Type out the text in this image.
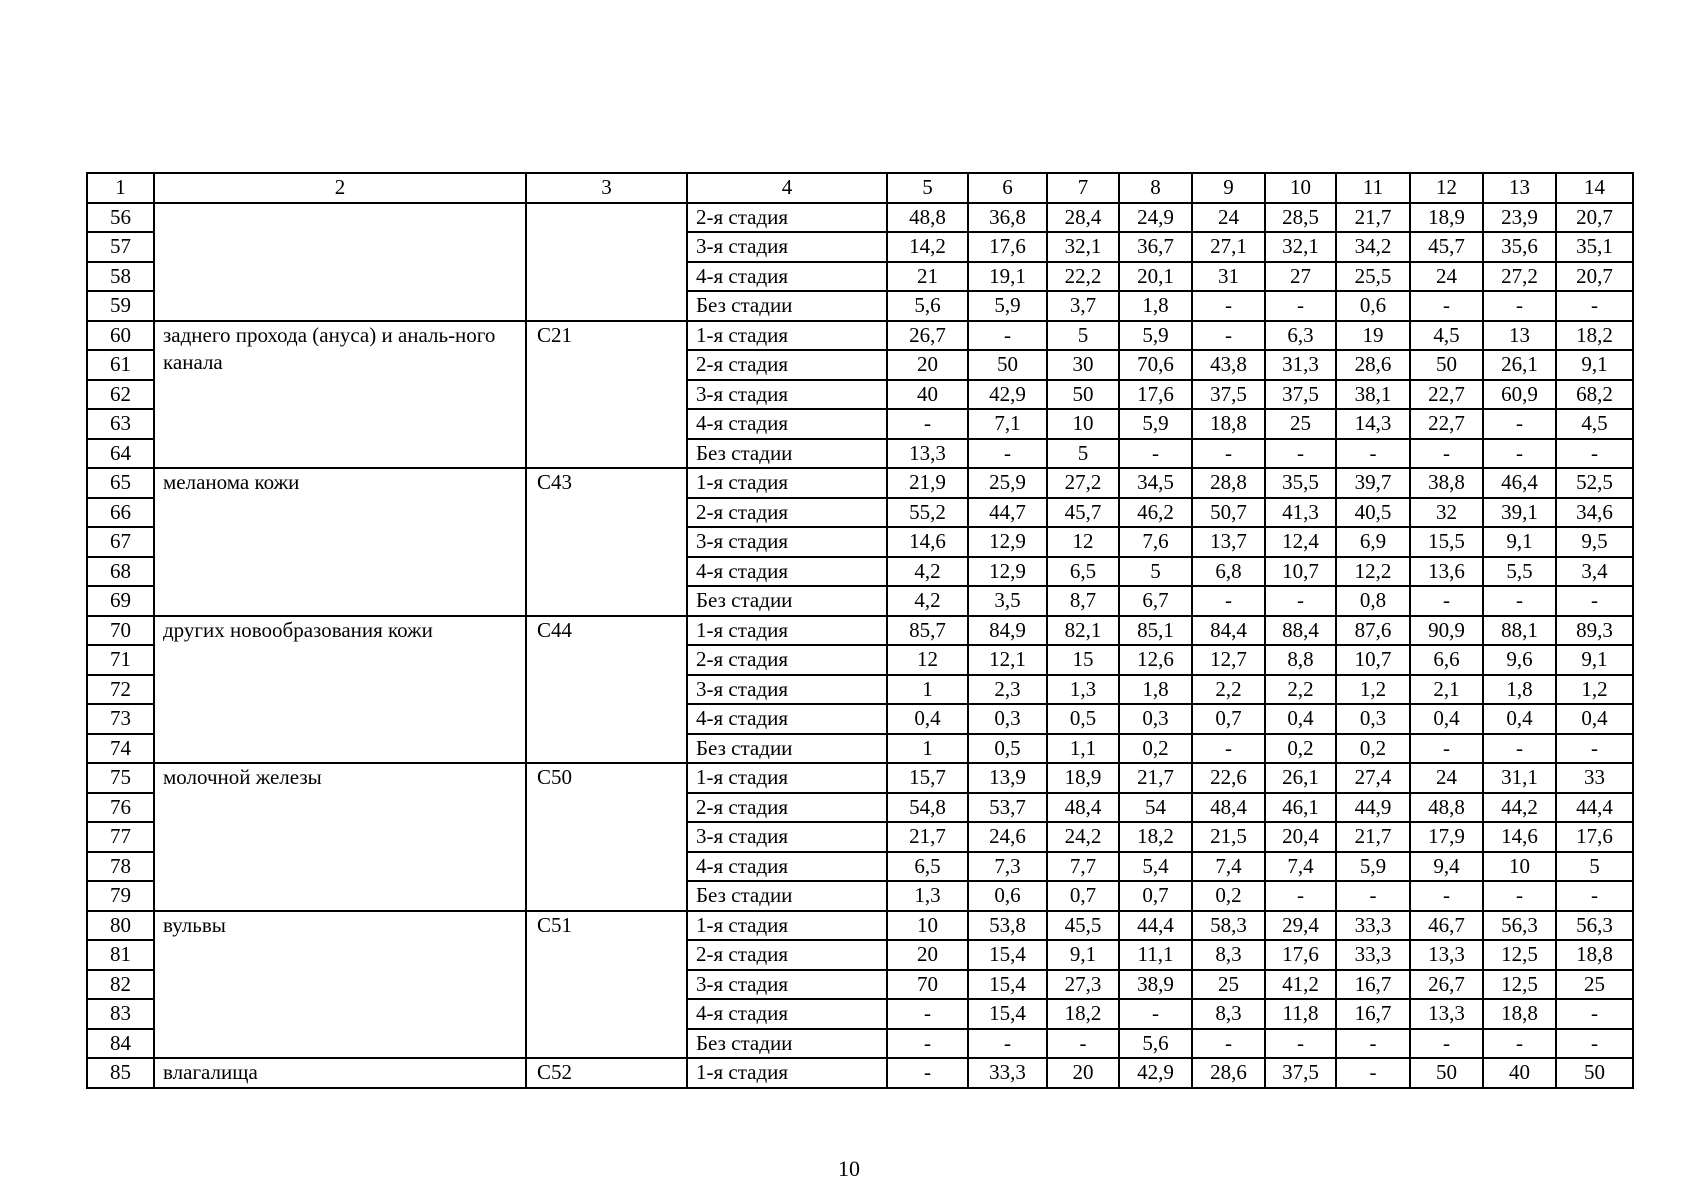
1	2	3	4	5	6	7	8	9	10	11	12	13	14
56			2-я стадия	48,8	36,8	28,4	24,9	24	28,5	21,7	18,9	23,9	20,7
57			3-я стадия	14,2	17,6	32,1	36,7	27,1	32,1	34,2	45,7	35,6	35,1
58			4-я стадия	21	19,1	22,2	20,1	31	27	25,5	24	27,2	20,7
59			Без стадии	5,6	5,9	3,7	1,8	-	-	0,6	-	-	-
60	заднего прохода (ануса) и аналь-ного канала	C21	1-я стадия	26,7	-	5	5,9	-	6,3	19	4,5	13	18,2
61			2-я стадия	20	50	30	70,6	43,8	31,3	28,6	50	26,1	9,1
62			3-я стадия	40	42,9	50	17,6	37,5	37,5	38,1	22,7	60,9	68,2
63			4-я стадия	-	7,1	10	5,9	18,8	25	14,3	22,7	-	4,5
64			Без стадии	13,3	-	5	-	-	-	-	-	-	-
65	меланома кожи	C43	1-я стадия	21,9	25,9	27,2	34,5	28,8	35,5	39,7	38,8	46,4	52,5
66			2-я стадия	55,2	44,7	45,7	46,2	50,7	41,3	40,5	32	39,1	34,6
67			3-я стадия	14,6	12,9	12	7,6	13,7	12,4	6,9	15,5	9,1	9,5
68			4-я стадия	4,2	12,9	6,5	5	6,8	10,7	12,2	13,6	5,5	3,4
69			Без стадии	4,2	3,5	8,7	6,7	-	-	0,8	-	-	-
70	других новообразования кожи	C44	1-я стадия	85,7	84,9	82,1	85,1	84,4	88,4	87,6	90,9	88,1	89,3
71			2-я стадия	12	12,1	15	12,6	12,7	8,8	10,7	6,6	9,6	9,1
72			3-я стадия	1	2,3	1,3	1,8	2,2	2,2	1,2	2,1	1,8	1,2
73			4-я стадия	0,4	0,3	0,5	0,3	0,7	0,4	0,3	0,4	0,4	0,4
74			Без стадии	1	0,5	1,1	0,2	-	0,2	0,2	-	-	-
75	молочной железы	C50	1-я стадия	15,7	13,9	18,9	21,7	22,6	26,1	27,4	24	31,1	33
76			2-я стадия	54,8	53,7	48,4	54	48,4	46,1	44,9	48,8	44,2	44,4
77			3-я стадия	21,7	24,6	24,2	18,2	21,5	20,4	21,7	17,9	14,6	17,6
78			4-я стадия	6,5	7,3	7,7	5,4	7,4	7,4	5,9	9,4	10	5
79			Без стадии	1,3	0,6	0,7	0,7	0,2	-	-	-	-	-
80	вульвы	C51	1-я стадия	10	53,8	45,5	44,4	58,3	29,4	33,3	46,7	56,3	56,3
81			2-я стадия	20	15,4	9,1	11,1	8,3	17,6	33,3	13,3	12,5	18,8
82			3-я стадия	70	15,4	27,3	38,9	25	41,2	16,7	26,7	12,5	25
83			4-я стадия	-	15,4	18,2	-	8,3	11,8	16,7	13,3	18,8	-
84			Без стадии	-	-	-	5,6	-	-	-	-	-	-
85	влагалища	C52	1-я стадия	-	33,3	20	42,9	28,6	37,5	-	50	40	50
10
